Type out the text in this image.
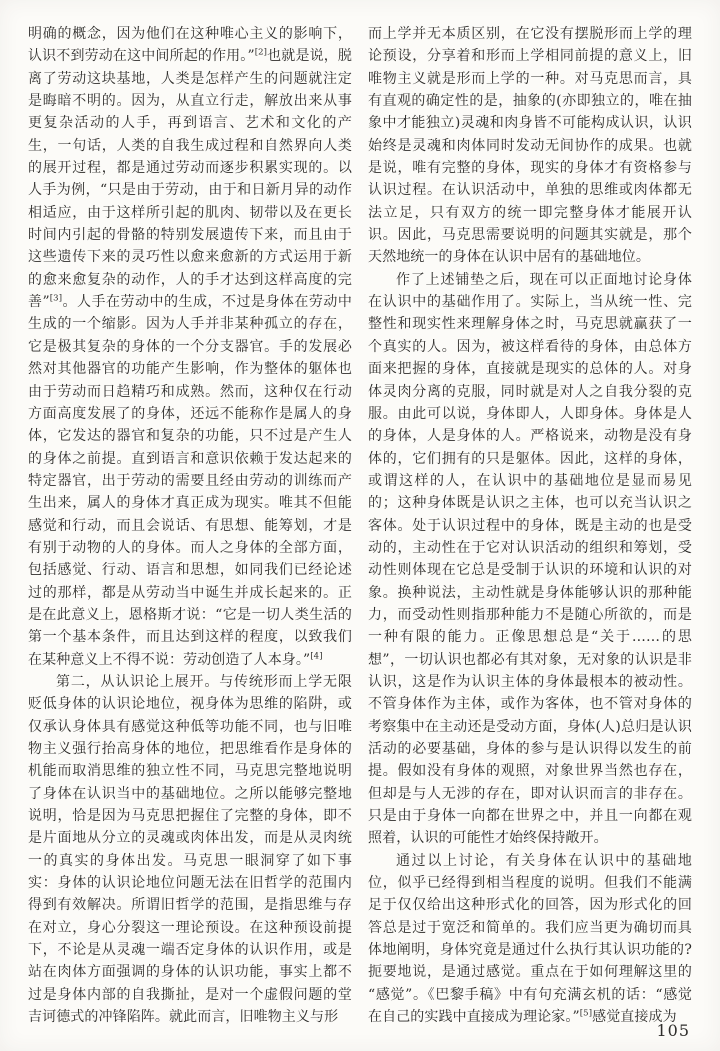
明确的概念，因为他们在这种唯心主义的影响下，认识不到劳动在这中间所起的作用。”[2]也就是说，脱离了劳动这块基地，人类是怎样产生的问题就注定是晦暗不明的。因为，从直立行走，解放出来从事更复杂活动的人手，再到语言、艺术和文化的产生，一句话，人类的自我生成过程和自然界向人类的展开过程，都是通过劳动而逐步积累实现的。以人手为例，“只是由于劳动，由于和日新月异的动作相适应，由于这样所引起的肌肉、韧带以及在更长时间内引起的骨骼的特别发展遗传下来，而且由于这些遗传下来的灵巧性以愈来愈新的方式运用于新的愈来愈复杂的动作，人的手才达到这样高度的完善”[3]。人手在劳动中的生成，不过是身体在劳动中生成的一个缩影。因为人手并非某种孤立的存在，它是极其复杂的身体的一个分支器官。手的发展必然对其他器官的功能产生影响，作为整体的躯体也由于劳动而日趋精巧和成熟。然而，这种仅在行动方面高度发展了的身体，还远不能称作是属人的身体，它发达的器官和复杂的功能，只不过是产生人的身体之前提。直到语言和意识依赖于发达起来的特定器官，出于劳动的需要且经由劳动的训练而产生出来，属人的身体才真正成为现实。唯其不但能感觉和行动，而且会说话、有思想、能筹划，才是有别于动物的人的身体。而人之身体的全部方面，包括感觉、行动、语言和思想，如同我们已经论述过的那样，都是从劳动当中诞生并成长起来的。正是在此意义上，恩格斯才说：“它是一切人类生活的第一个基本条件，而且达到这样的程度，以致我们在某种意义上不得不说：劳动创造了人本身。”[4]

第二，从认识论上展开。与传统形而上学无限贬低身体的认识论地位，视身体为思维的陷阱，或仅承认身体具有感觉这种低等功能不同，也与旧唯物主义强行抬高身体的地位，把思维看作是身体的机能而取消思维的独立性不同，马克思完整地说明了身体在认识当中的基础地位。之所以能够完整地说明，恰是因为马克思把握住了完整的身体，即不是片面地从分立的灵魂或肉体出发，而是从灵肉统一的真实的身体出发。马克思一眼洞穿了如下事实：身体的认识论地位问题无法在旧哲学的范围内得到有效解决。所谓旧哲学的范围，是指思维与存在对立，身心分裂这一理论预设。在这种预设前提下，不论是从灵魂一端否定身体的认识作用，或是站在肉体方面强调的身体的认识功能，事实上都不过是身体内部的自我撕扯，是对一个虚假问题的堂吉诃德式的冲锋陷阵。就此而言，旧唯物主义与形

而上学并无本质区别，在它没有摆脱形而上学的理论预设，分享着和形而上学相同前提的意义上，旧唯物主义就是形而上学的一种。对马克思而言，具有直观的确定性的是，抽象的(亦即独立的，唯在抽象中才能独立)灵魂和肉身皆不可能构成认识，认识始终是灵魂和肉体同时发动无间协作的成果。也就是说，唯有完整的身体，现实的身体才有资格参与认识过程。在认识活动中，单独的思维或肉体都无法立足，只有双方的统一即完整身体才能展开认识。因此，马克思需要说明的问题其实就是，那个天然地统一的身体在认识中居有的基础地位。

作了上述铺垫之后，现在可以正面地讨论身体在认识中的基础作用了。实际上，当从统一性、完整性和现实性来理解身体之时，马克思就赢获了一个真实的人。因为，被这样看待的身体，由总体方面来把握的身体，直接就是现实的总体的人。对身体灵肉分离的克服，同时就是对人之自我分裂的克服。由此可以说，身体即人，人即身体。身体是人的身体，人是身体的人。严格说来，动物是没有身体的，它们拥有的只是躯体。因此，这样的身体，或谓这样的人，在认识中的基础地位是显而易见的；这种身体既是认识之主体，也可以充当认识之客体。处于认识过程中的身体，既是主动的也是受动的，主动性在于它对认识活动的组织和筹划，受动性则体现在它总是受制于认识的环境和认识的对象。换种说法，主动性就是身体能够认识的那种能力，而受动性则指那种能力不是随心所欲的，而是一种有限的能力。正像思想总是“关于……的思想”，一切认识也都必有其对象，无对象的认识是非认识，这是作为认识主体的身体最根本的被动性。不管身体作为主体，或作为客体，也不管对身体的考察集中在主动还是受动方面，身体(人)总归是认识活动的必要基础，身体的参与是认识得以发生的前提。假如没有身体的观照，对象世界当然也存在，但却是与人无涉的存在，即对认识而言的非存在。只是由于身体一向都在世界之中，并且一向都在观照着，认识的可能性才始终保持敞开。

通过以上讨论，有关身体在认识中的基础地位，似乎已经得到相当程度的说明。但我们不能满足于仅仅给出这种形式化的回答，因为形式化的回答总是过于宽泛和简单的。我们应当更为确切而具体地阐明，身体究竟是通过什么执行其认识功能的?扼要地说，是通过感觉。重点在于如何理解这里的“感觉”。《巴黎手稿》中有句充满玄机的话：“感觉在自己的实践中直接成为理论家。”[5]感觉直接成为

105
